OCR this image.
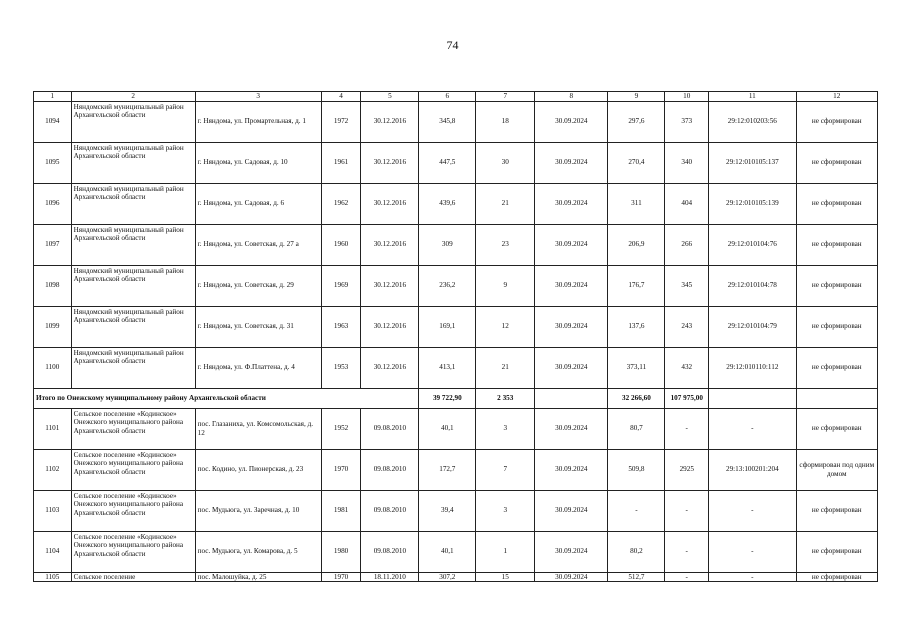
74
1	2	3	4	5	6	7	8	9	10	11	12
1094	Няндомский муниципальный район Архангельской области	г. Няндома, ул. Промартельная, д. 1	1972	30.12.2016	345,8	18	30.09.2024	297,6	373	29:12:010203:56	не сформирован
1095	Няндомский муниципальный район Архангельской области	г. Няндома, ул. Садовая, д. 10	1961	30.12.2016	447,5	30	30.09.2024	270,4	340	29:12:010105:137	не сформирован
1096	Няндомский муниципальный район Архангельской области	г. Няндома, ул. Садовая, д. 6	1962	30.12.2016	439,6	21	30.09.2024	311	404	29:12:010105:139	не сформирован
1097	Няндомский муниципальный район Архангельской области	г. Няндома, ул. Советская, д. 27 а	1960	30.12.2016	309	23	30.09.2024	206,9	266	29:12:010104:76	не сформирован
1098	Няндомский муниципальный район Архангельской области	г. Няндома, ул. Советская, д. 29	1969	30.12.2016	236,2	9	30.09.2024	176,7	345	29:12:010104:78	не сформирован
1099	Няндомский муниципальный район Архангельской области	г. Няндома, ул. Советская, д. 31	1963	30.12.2016	169,1	12	30.09.2024	137,6	243	29:12:010104:79	не сформирован
1100	Няндомский муниципальный район Архангельской области	г. Няндома, ул. Ф.Платтена, д. 4	1953	30.12.2016	413,1	21	30.09.2024	373,11	432	29:12:010110:112	не сформирован
Итого по Онежскому муниципальному району Архангельской области					39 722,90	2 353		32 266,60	107 975,00		
1101	Сельское поселение «Кодинское» Онежского муниципального района Архангельской области	пос. Глазаниха, ул. Комсомольская, д. 12	1952	09.08.2010	40,1	3	30.09.2024	80,7	-	-	не сформирован
1102	Сельское поселение «Кодинское» Онежского муниципального района Архангельской области	пос. Кодино, ул. Пионерская, д. 23	1970	09.08.2010	172,7	7	30.09.2024	509,8	2925	29:13:100201:204	сформирован под одним домом
1103	Сельское поселение «Кодинское» Онежского муниципального района Архангельской области	пос. Мудьюга, ул. Заречная, д. 10	1981	09.08.2010	39,4	3	30.09.2024	-	-	-	не сформирован
1104	Сельское поселение «Кодинское» Онежского муниципального района Архангельской области	пос. Мудьюга, ул. Комарова, д. 5	1980	09.08.2010	40,1	1	30.09.2024	80,2	-	-	не сформирован
1105	Сельское поселение	пос. Малошуйка, д. 25	1970	18.11.2010	307,2	15	30.09.2024	512,7	-	-	не сформирован
